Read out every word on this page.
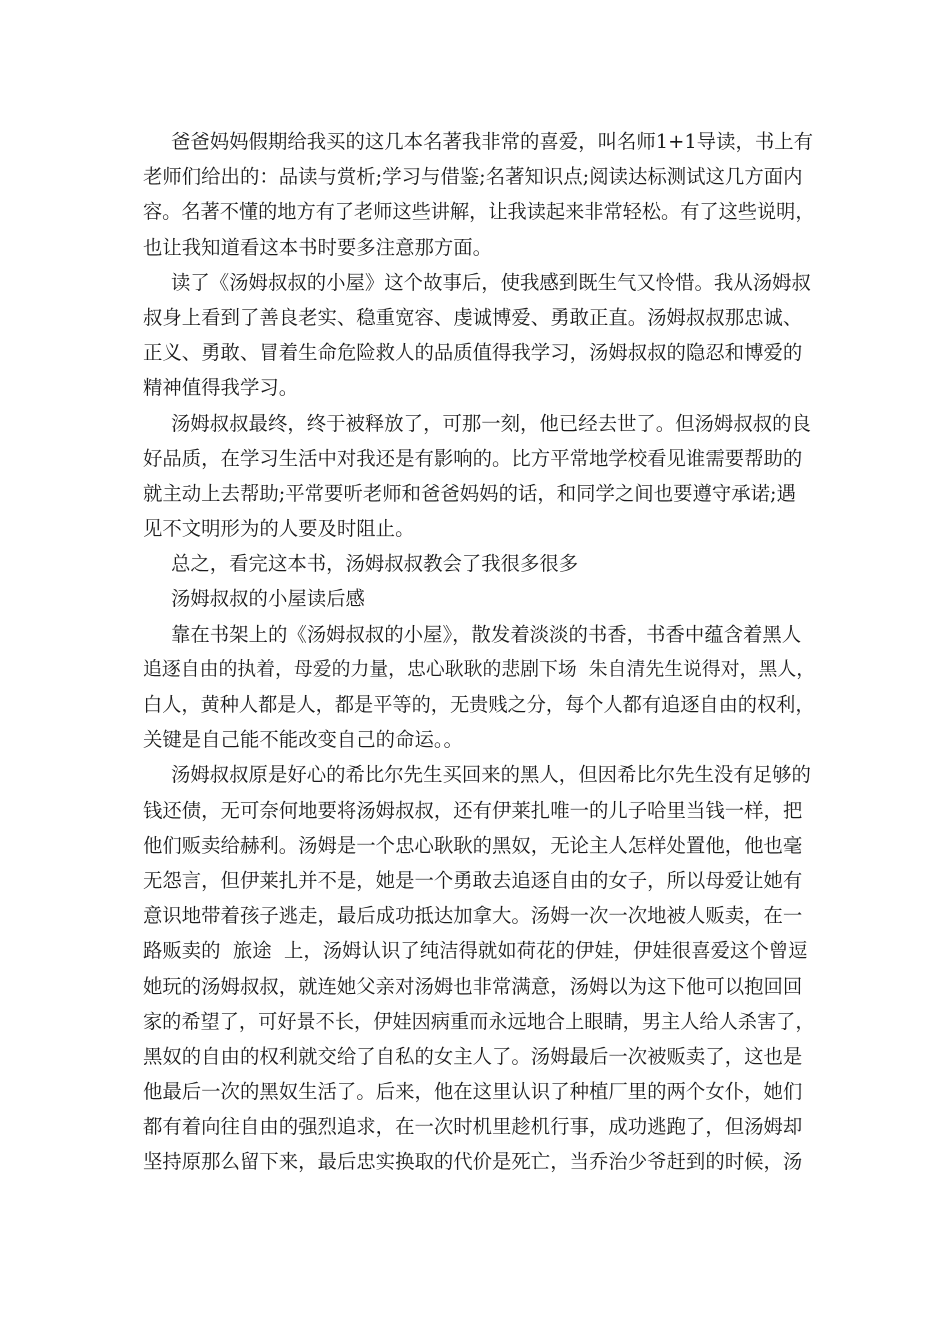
爸爸妈妈假期给我买的这几本名著我非常的喜爱，叫名师1+1导读，书上有
老师们给出的：品读与赏析;学习与借鉴;名著知识点;阅读达标测试这几方面内
容。名著不懂的地方有了老师这些讲解，让我读起来非常轻松。有了这些说明，
也让我知道看这本书时要多注意那方面。
读了《汤姆叔叔的小屋》这个故事后，使我感到既生气又怜惜。我从汤姆叔
叔身上看到了善良老实、稳重宽容、虔诚博爱、勇敢正直。汤姆叔叔那忠诚、
正义、勇敢、冒着生命危险救人的品质值得我学习，汤姆叔叔的隐忍和博爱的
精神值得我学习。
汤姆叔叔最终，终于被释放了，可那一刻，他已经去世了。但汤姆叔叔的良
好品质，在学习生活中对我还是有影响的。比方平常地学校看见谁需要帮助的
就主动上去帮助;平常要听老师和爸爸妈妈的话，和同学之间也要遵守承诺;遇
见不文明形为的人要及时阻止。
总之，看完这本书，汤姆叔叔教会了我很多很多
汤姆叔叔的小屋读后感
靠在书架上的《汤姆叔叔的小屋》，散发着淡淡的书香，书香中蕴含着黑人
追逐自由的执着，母爱的力量，忠心耿耿的悲剧下场  朱自清先生说得对，黑人，
白人，黄种人都是人，都是平等的，无贵贱之分，每个人都有追逐自由的权利，
关键是自己能不能改变自己的命运。。
汤姆叔叔原是好心的希比尔先生买回来的黑人，但因希比尔先生没有足够的
钱还债，无可奈何地要将汤姆叔叔，还有伊莱扎唯一的儿子哈里当钱一样，把
他们贩卖给赫利。汤姆是一个忠心耿耿的黑奴，无论主人怎样处置他，他也毫
无怨言，但伊莱扎并不是，她是一个勇敢去追逐自由的女子，所以母爱让她有
意识地带着孩子逃走，最后成功抵达加拿大。汤姆一次一次地被人贩卖，在一
路贩卖的  旅途  上，汤姆认识了纯洁得就如荷花的伊娃，伊娃很喜爱这个曾逗
她玩的汤姆叔叔，就连她父亲对汤姆也非常满意，汤姆以为这下他可以抱回回
家的希望了，可好景不长，伊娃因病重而永远地合上眼睛，男主人给人杀害了，
黑奴的自由的权利就交给了自私的女主人了。汤姆最后一次被贩卖了，这也是
他最后一次的黑奴生活了。后来，他在这里认识了种植厂里的两个女仆，她们
都有着向往自由的强烈追求，在一次时机里趁机行事，成功逃跑了，但汤姆却
坚持原那么留下来，最后忠实换取的代价是死亡，当乔治少爷赶到的时候，汤
